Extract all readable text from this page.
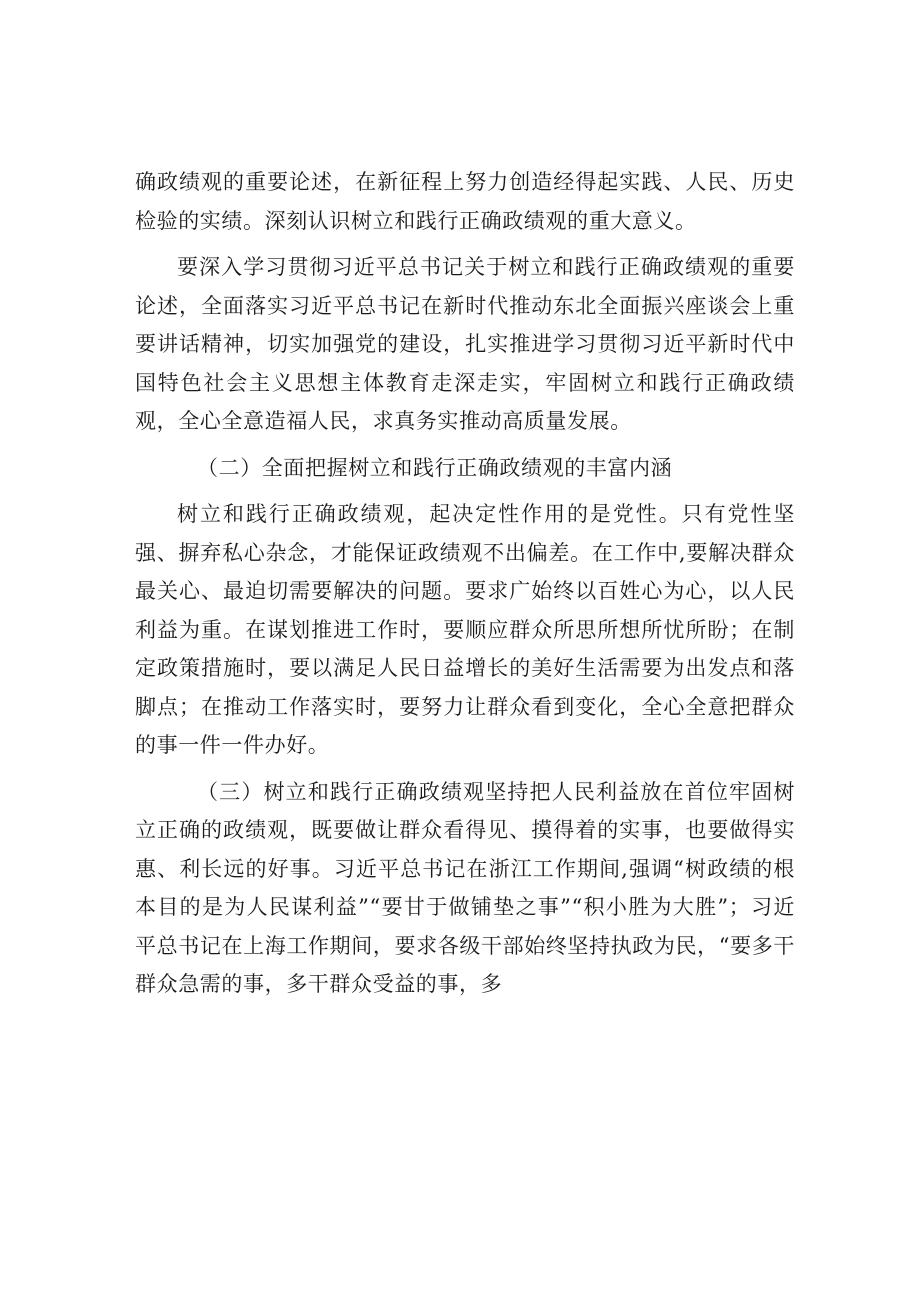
确政绩观的重要论述，在新征程上努力创造经得起实践、人民、历史检验的实绩。深刻认识树立和践行正确政绩观的重大意义。

要深入学习贯彻习近平总书记关于树立和践行正确政绩观的重要论述，全面落实习近平总书记在新时代推动东北全面振兴座谈会上重要讲话精神，切实加强党的建设，扎实推进学习贯彻习近平新时代中国特色社会主义思想主体教育走深走实，牢固树立和践行正确政绩观，全心全意造福人民，求真务实推动高质量发展。

（二）全面把握树立和践行正确政绩观的丰富内涵

树立和践行正确政绩观，起决定性作用的是党性。只有党性坚强、摒弃私心杂念，才能保证政绩观不出偏差。在工作中,要解决群众最关心、最迫切需要解决的问题。要求广始终以百姓心为心，以人民利益为重。在谋划推进工作时，要顺应群众所思所想所忧所盼；在制定政策措施时，要以满足人民日益增长的美好生活需要为出发点和落脚点；在推动工作落实时，要努力让群众看到变化，全心全意把群众的事一件一件办好。

（三）树立和践行正确政绩观坚持把人民利益放在首位牢固树立正确的政绩观，既要做让群众看得见、摸得着的实事，也要做得实惠、利长远的好事。习近平总书记在浙江工作期间,强调“树政绩的根本目的是为人民谋利益”“要甘于做铺垫之事”“积小胜为大胜”；习近平总书记在上海工作期间，要求各级干部始终坚持执政为民，“要多干群众急需的事，多干群众受益的事，多
